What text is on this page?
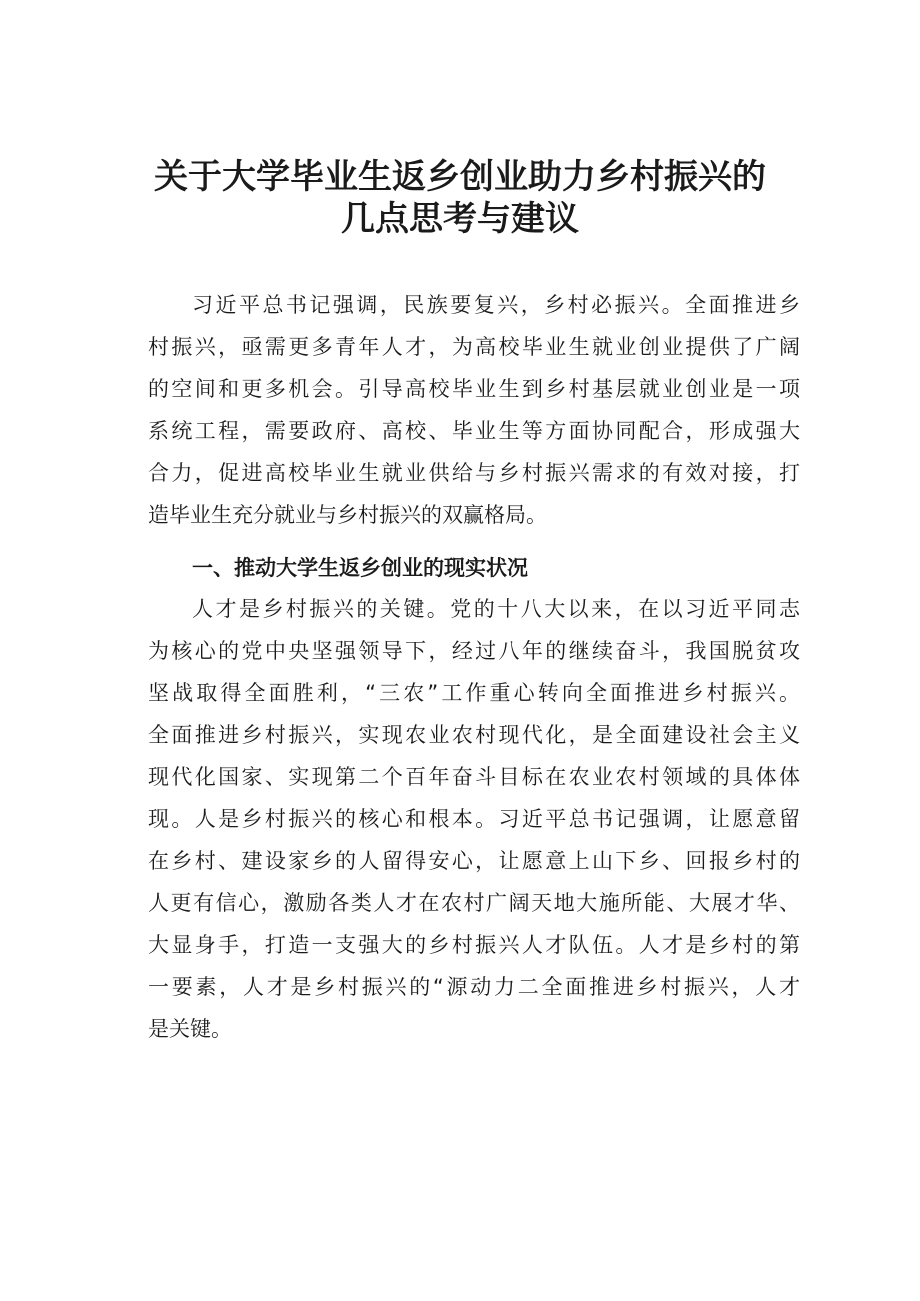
关于大学毕业生返乡创业助力乡村振兴的
几点思考与建议
习近平总书记强调，民族要复兴，乡村必振兴。全面推进乡
村振兴，亟需更多青年人才，为高校毕业生就业创业提供了广阔
的空间和更多机会。引导高校毕业生到乡村基层就业创业是一项
系统工程，需要政府、高校、毕业生等方面协同配合，形成强大
合力，促进高校毕业生就业供给与乡村振兴需求的有效对接，打
造毕业生充分就业与乡村振兴的双赢格局。
一、推动大学生返乡创业的现实状况
人才是乡村振兴的关键。党的十八大以来，在以习近平同志
为核心的党中央坚强领导下，经过八年的继续奋斗，我国脱贫攻
坚战取得全面胜利，“三农”工作重心转向全面推进乡村振兴。
全面推进乡村振兴，实现农业农村现代化，是全面建设社会主义
现代化国家、实现第二个百年奋斗目标在农业农村领域的具体体
现。人是乡村振兴的核心和根本。习近平总书记强调，让愿意留
在乡村、建设家乡的人留得安心，让愿意上山下乡、回报乡村的
人更有信心，激励各类人才在农村广阔天地大施所能、大展才华、
大显身手，打造一支强大的乡村振兴人才队伍。人才是乡村的第
一要素，人才是乡村振兴的“源动力二全面推进乡村振兴，人才
是关键。
